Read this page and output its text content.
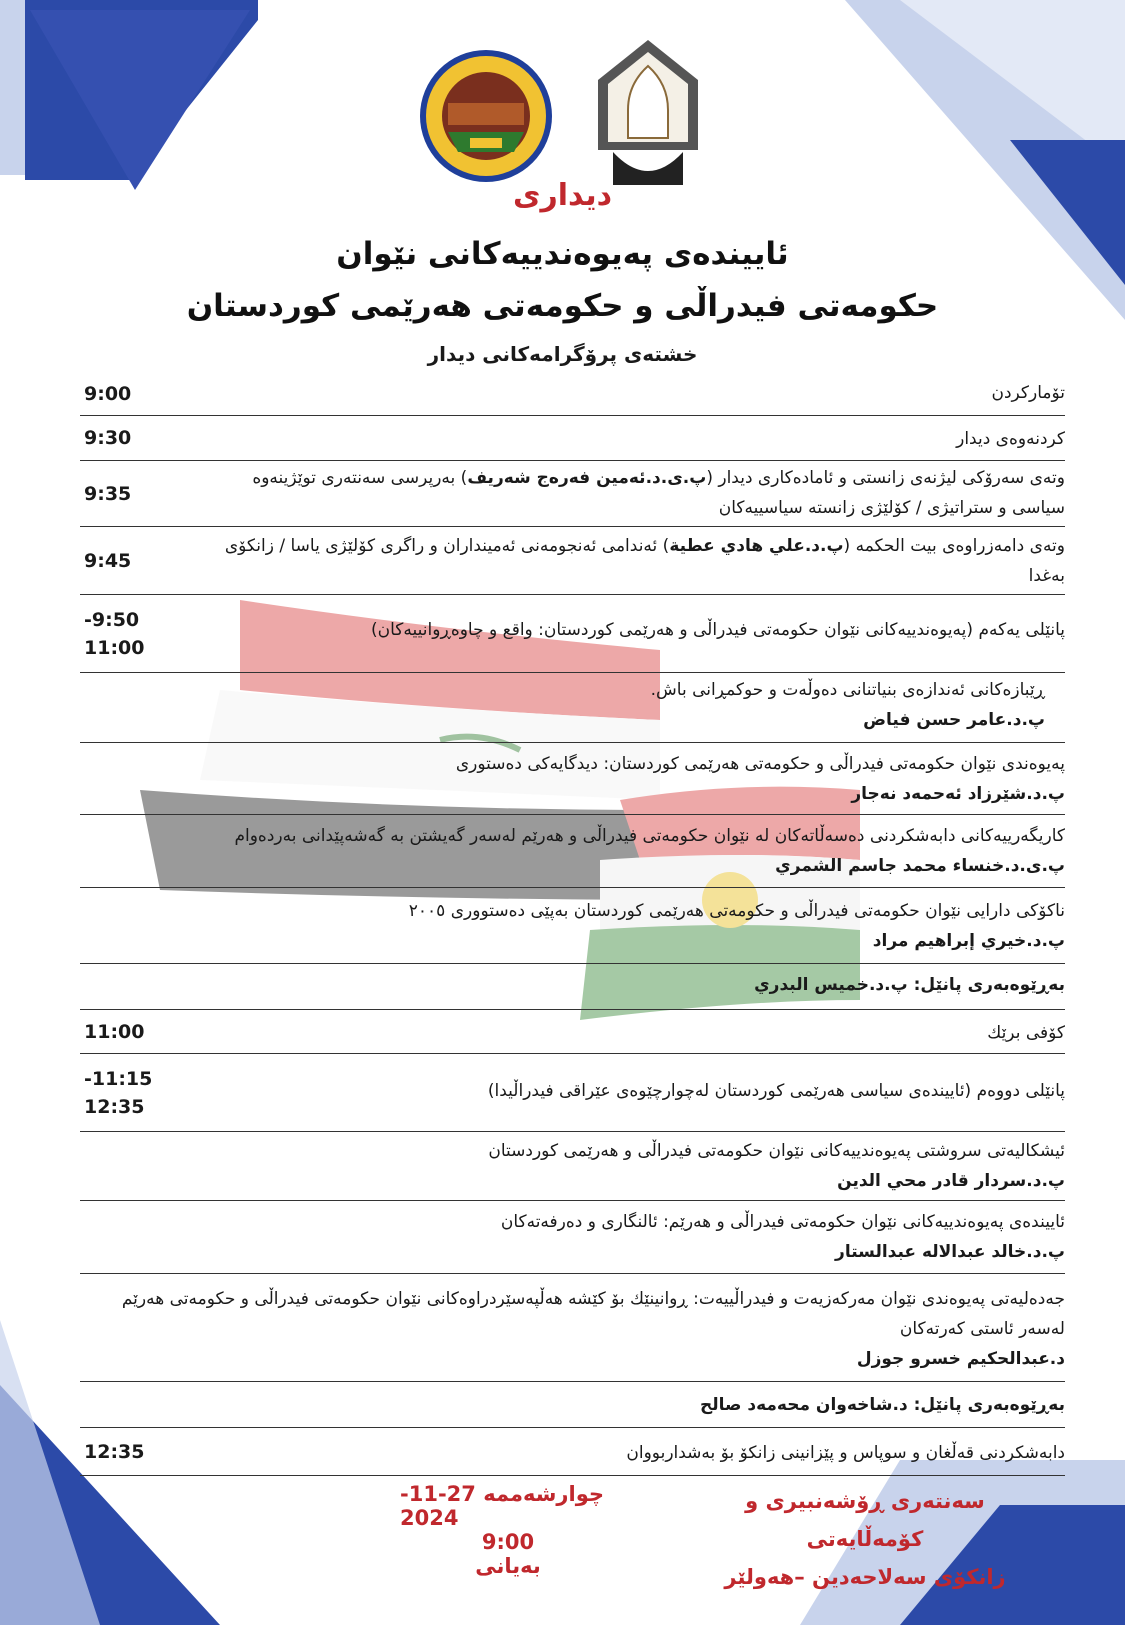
دیداری
ئاییندەی پەیوەندییەکانی نێوان
حکومەتی فیدراڵی و حکومەتی هەرێمی کوردستان
خشتەی پرۆگرامەکانی دیدار
تۆمارکردن
9:00
کردنەوەی دیدار
9:30
وتەی سەرۆکی لیژنەی زانستی و ئامادەکاری دیدار (پ.ی.د.ئەمین فەرەج شەریف) بەرپرسی سەنتەری توێژینەوە سیاسی و ستراتیژی / کۆلێژی زانستە سیاسییەکان
9:35
وتەی دامەزراوەی بيت الحكمە (پ.د.علي هادي عطية) ئەندامی ئەنجومەنی ئەمینداران و راگری کۆلێژی یاسا / زانکۆی بەغدا
9:45
پانێلی یەکەم (پەیوەندییەکانی نێوان حکومەتی فیدراڵی و هەرێمی کوردستان: واقع و چاوەڕوانییەکان)
-9:50
11:00
ڕێبازەکانی ئەندازەی بنیاتنانی دەوڵەت و حوکمڕانی باش.
پ.د.عامر حسن فياض
پەیوەندی نێوان حکومەتی فیدراڵی و حکومەتی هەرێمی کوردستان: دیدگایەکی دەستوری
پ.د.شێرزاد ئەحمەد نەجار
کاریگەرییەکانی دابەشکردنی دەسەڵاتەکان لە نێوان حکومەتی فیدراڵی و هەرێم لەسەر گەیشتن بە گەشەپێدانی بەردەوام
پ.ی.د.خنساء محمد جاسم الشمري
ناکۆکی دارایی نێوان حکومەتی فیدراڵی و حکومەتی هەرێمی کوردستان بەپێی دەستووری ٢٠٠٥
پ.د.خيري إبراهيم مراد
بەڕێوەبەری پانێل: پ.د.خميس البدري
کۆفی برێك
11:00
پانێلی دووەم (ئاییندەی سیاسی هەرێمی کوردستان لەچوارچێوەی عێراقی فیدراڵیدا)
-11:15
12:35
ئیشکالیەتی سروشتی پەیوەندییەکانی نێوان حکومەتی فیدراڵی و هەرێمی کوردستان
پ.د.سردار قادر محي الدين
ئاییندەی پەیوەندییەکانی نێوان حکومەتی فیدراڵی و هەرێم: ئالنگاری و دەرفەتەکان
پ.د.خالد عبدالاله عبدالستار
جەدەلیەتی پەیوەندی نێوان مەرکەزیەت و فیدراڵییەت: ڕوانینێك بۆ کێشە هەڵپەسێردراوەکانی نێوان حکومەتی فیدراڵی و حکومەتی هەرێم لەسەر ئاستی کەرتەکان
د.عبدالحكيم خسرو جوزل
بەڕێوەبەری پانێل: د.شاخەوان محەمەد صالح
دابەشکردنی قەڵغان و سوپاس و پێزانینی زانکۆ بۆ بەشداربووان
12:35
چوارشەممە 27-11-2024
9:00 بەیانی
سەنتەری ڕۆشەنبیری و کۆمەڵایەتی
زانکۆی سەلاحەدین –هەولێر
